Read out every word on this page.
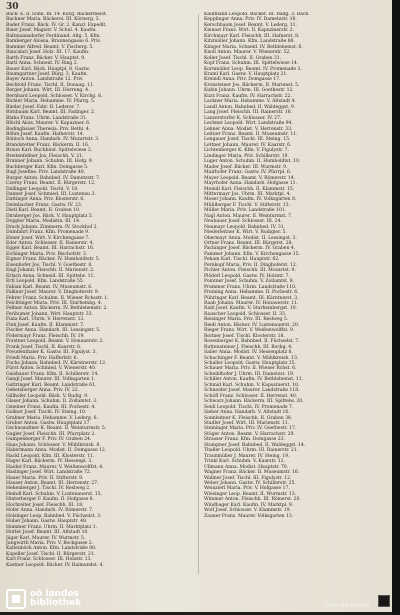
30
Bäck- E. d. Sohn. Bl. 14. Kuvg. Bäckermeist.
Bachner Maria. Bäckerei. III. Körnerg. 3.
Bader Franz. Bäck. IV. Gr. 2. Kanzl. Expedit.
Baier Josef. Magistr. V. Schul. 4. Kaufm.
Baltmannsdorfer Ferdinand. Altg. 5. Kfm.
Bamberger Aloisia. Brunnengasse 6. Priv.
Bammer Alfred. Beamt. V. Fischerg. 5.
Bancalari Josef. Holz. III. 17. Kaufm.
Barth Franz. Bäcker. V. Hauptst. 9.
Bartl Anna. Schneid. IV. Ring 2.
Bauer Karl. Bäck. Hauptpl. 8. Gastw.
Baumgartner Josef. Bürg. 3. Kaufm.
Bayer Anton. Landstraße 12. Priv.
Bechtold Franz. Tischl. II. Donaug. 11.
Berger Johann. Wirt. III. Herreng. 4.
Bernhard Leopold. Schlosser. V. Kirchg. 8.
Bichler Maria. Hebamme. IV. Pfarrg. 5.
Binder Josef. Fabr. II. Lederer. 7.
Birnbaum Karl. Beamt. III. Fadinger. 2.
Blaha Franz. Uhrm. Landstraße 31.
Blöchl Alois. Maurer. V. Kapuziner. 6.
Bodingbauer Theresia. Priv. Bethl. 4.
Böhm Josef. Kaufm. Hafnerstr. 14.
Bönisch Anna. Handarb. IV. Mozartstr. 3.
Brandstetter Franz. Bäckerm. II. 16.
Braun Karl. Buchbind. Spittelwiese 2.
Breitenfellner Jos. Fleischh. V. 21.
Brunner Johann. Schuhm. III. Hofg. 9.
Buchberger Karl. Kfm. Domgasse 5.
Bugl Josefine. Priv. Landstraße 40.
Burger Anton. Bahnbed. IV. Dametzstr. 7.
Czerny Franz. Beamt. II. Bürgerstr. 12.
Dallinger Leopold. Tischl. V. 18.
Danner Josef. Schmied. III. Lustenau 3.
Dattinger Anna. Priv. Klosterstr. 6.
Deimbacher Franz. Gastw. IV. 23.
Dietl Karl. Beamt. II. Graben 10.
Dirnberger Jos. Bäck. V. Hauptplatz 5.
Doppler Maria. Modistin. III. 14.
Drack Johann. Zimmerm. IV. Stockhof 2.
Dumfahrt Franz. Kfm. Promenade 9.
Ebner Josef. Wirt. V. Kirchengasse 7.
Eder Anton. Schlosser. II. Rainerstr. 4.
Egger Karl. Beamt. III. Harrachstr. 16.
Eichinger Maria. Priv. Bischofstr. 3.
Eigner Franz. Bäcker. IV. Humboldtstr. 5.
Eisenhofer Jos. Tischl. V. Goethestr. 8.
Engl Johann. Fleischh. II. Marienstr. 2.
Erlach Anna. Schneid. III. Spittelw. 11.
Ertl Leopold. Kfm. Landstraße 55.
Fabian Karl. Beamt. IV. Museumstr. 6.
Falkner Josef. Maurer. V. Dinghoferstr. 9.
Fehrer Franz. Schuhm. II. Wiener Rchsstr. 1.
Feichtinger Maria. Priv. III. Starhembg. 4.
Fellner Anton. Bäckerm. IV. Bethlehemstr. 2.
Ferihumer Johann. Wirt. Hauptstr. 33.
Fiala Karl. Uhrm. V. Herrenstr. 13.
Fink Josef. Kaufm. II. Klammstr. 7.
Fischer Anna. Handarb. III. Lessingstr. 5.
Födermayr Franz. Fleischh. IV. 19.
Forstner Leopold. Beamt. V. Honauerstr. 2.
Frank Josef. Tischl. II. Kaarstr. 8.
Freudenthaler K. Gastw. III. Figulyst. 3.
Friedl Maria. Priv. Hafferlstr. 6.
Fuchs Johann. Bahnbed. IV. Kärntnerstr. 12.
Fürst Anton. Schmied. V. Wienerstr. 40.
Gaisbauer Franz. Kfm. II. Schillerstr. 14.
Gangl Josef. Maurer. III. Volksgarten 1.
Gattringer Karl. Beamt. Landstraße 61.
Gebetsberger Anna. Priv. IV. 22.
Gillhofer Leopold. Bäck. V. Rudig. 9.
Glaser Johann. Schuhm. II. Zollamtst. 3.
Gmeiner Franz. Kaufm. III. Pochestr. 4.
Gollner Josef. Tischl. IV. Steing. 10.
Grabner Maria. Hebamme. V. Lederg. 6.
Gruber Anton. Gastw. Hauptplatz 17.
Gschwandtner K. Beamt. II. Weinturmstr. 5.
Gugler Josef. Fleischh. III. Pfarrplatz 2.
Gumpenberger F. Priv. IV. Graben 24.
Haas Johann. Schlosser. V. Mühlkreisb. 8.
Habermann Anna. Modist. II. Domgasse 12.
Hackl Leopold. Kfm. III. Klosterstr. 11.
Hager Karl. Bäckerm. IV. Hessenpl. 3.
Haider Franz. Maurer. V. Weißenwolffst. 4.
Haslinger Josef. Wirt. Landstraße 72.
Hauer Maria. Priv. II. Stifterstr. 9.
Hauser Anton. Beamt. III. Herrenstr. 27.
Hehenberger J. Tischl. IV. Reslweg 2.
Heindl Karl. Schuhm. V. Lustenauerst. 15.
Hinterberger F. Kaufm. II. Hofgasse 6.
Hochreiter Josef. Fleischh. III. 18.
Hofer Anna. Handarb. IV. Römerstr. 7.
Holzinger Leop. Bahnbed. V. Füchselst. 3.
Huber Johann. Gastw. Hauptstr. 48.
Hummer Franz. Uhrm. II. Marktplatz 1.
Hutter Josef. Beamt. III. Altstadt 10.
Jäger Karl. Maurer. IV. Wurmstr. 5.
Jungwirth Maria. Priv. V. Bockgasse 2.
Kaltenböck Anton. Kfm. Landstraße 80.
Kapeller Josef. Tischl. II. Bürgerstr. 21.
Karl Franz. Schlosser. III. Holzstr. 13.
Kastner Leopold. Bäcker. IV. Raimundst. 4.
Kaufmann Leopold. Bäcker. III. Badg. 3. Bäck.
Kepplinger Anna. Priv. IV. Dametzstr. 16.
Kerschbaum Josef. Beamt. V. Lederg. 11.
Kienast Franz. Wirt. II. Kapuzinerstr. 2.
Kirchmayr Karl. Fleischh. III. Hafnerst. 8.
Kitzmüller Johann. Kfm. Landstraße 88.
Klinger Maria. Schneid. IV. Bethlehemst. 6.
Knoll Anton. Maurer. V. Wienerstr. 52.
Koller Josef. Tischl. II. Graben 31.
Kopf Franz. Schuhm. III. Spittelwiese 14.
Kornmüller Leop. Beamt. IV. Promenade 3.
Kraml Karl. Gastw. V. Hauptplatz 21.
Kreindl Anna. Priv. Domgasse 17.
Kronsteiner Jos. Bäckerm. II. Marienst. 5.
Kubin Johann. Uhrm. III. Goethestr. 12.
Kurz Franz. Kaufm. IV. Harrachstr. 22.
Lackner Maria. Hebamme. V. Altstadt 4.
Landl Anton. Bahnbed. II. Waldeggst. 9.
Lang Josef. Fleischh. III. Rainerstr. 16.
Lanzerstorfer K. Schlosser. IV. 27.
Lechner Leopold. Wirt. Landstraße 94.
Lehner Anna. Modist. V. Herrenstr. 33.
Leitner Franz. Beamt. II. Museumstr. 11.
Lengauer Josef. Tischl. III. Steing. 15.
Lettner Johann. Maurer. IV. Kaarstr. 6.
Lichtenberger K. Kfm. V. Figulystr. 7.
Lindinger Maria. Priv. Schillerstr. 19.
Luger Anton. Schuhm. II. Humboldtst. 10.
Mader Josef. Bäcker. III. Wurmstr. 9.
Mairhofer Franz. Gastw. IV. Pfarrpl. 6.
Mayer Leopold. Beamt. V. Römerstr. 14.
Mayrhofer Anna. Handarb. Hofgasse 11.
Meindl Karl. Fleischh. II. Klammstr. 15.
Mittermayr Jos. Uhrm. III. Marktpl. 4.
Moser Johann. Kaufm. IV. Volksgarten 8.
Mühlberger F. Tischl. V. Stifterstr. 13.
Müller Maria. Priv. Landstraße 101.
Nagl Anton. Maurer. II. Weinturmst. 7.
Neubauer Josef. Schlosser. III. 24.
Neumayr Leopold. Bahnbed. IV. 31.
Niederleitner K. Wirt. V. Rudigier. 5.
Obermayr Anna. Modist. II. Lessingst. 3.
Ortner Franz. Beamt. III. Bürgerst. 28.
Pachinger Josef. Bäckerm. IV. Graben 4.
Pammer Johann. Kfm. V. Kirchengasse 15.
Peham Karl. Tischl. Hauptstr. 62.
Pernkopf Maria. Priv. II. Dinghoferst. 12.
Pichler Anton. Fleischh. III. Mozartst. 9.
Plöderl Leopold. Gastw. IV. Holzstr. 7.
Pointner Josef. Schuhm. V. Zollamtst. 8.
Prammer Franz. Uhrm. Landstraße 110.
Preining Anna. Hebamme. II. Pochestr. 6.
Pühringer Karl. Beamt. III. Kärntnerst. 3.
Raab Johann. Maurer. IV. Honauerstr. 11.
Rabl Josef. Kaufm. V. Starhembergst. 10.
Rauscher Leopold. Schlosser. II. 33.
Reisinger Maria. Priv. III. Reslweg 5.
Riedl Anton. Bäcker. IV. Lustenauerst. 20.
Rieger Franz. Wirt. V. Weißenwolffst. 9.
Roitner Josef. Tischl. Klosterstr. 18.
Rosenberger K. Bahnbed. II. Füchselst. 7.
Ruttensteiner J. Fleischh. III. Bockg. 4.
Sailer Anna. Modist. IV. Hessenplatz 8.
Schachinger F. Beamt. V. Mühlkreisb. 13.
Schaller Leopold. Gastw. Hauptplatz 25.
Schauer Maria. Priv. II. Wiener Rchst. 6.
Scheiblhofer J. Uhrm. III. Dametzst. 19.
Schiller Anton. Kaufm. IV. Bethlehemst. 11.
Schmid Karl. Schuhm. V. Kapuzinerst. 10.
Schneider Josef. Maurer. Landstraße 118.
Schöfl Franz. Schlosser. II. Herrenst. 40.
Schwarz Johann. Bäckerm. III. Spittelw. 20.
Seidl Leopold. Tischl. IV. Promenade 7.
Sieber Anna. Handarb. V. Altstadt 16.
Sonnleitner K. Fleischh. II. Graben 38.
Stadler Josef. Wirt. III. Marienstr. 11.
Steininger Maria. Priv. IV. Goethestr. 17.
Stöger Anton. Beamt. V. Harrachstr. 29.
Strasser Franz. Kfm. Domgasse 23.
Stumpner Josef. Bahnbed. II. Waldeggst. 14.
Thaller Leopold. Uhrm. III. Rainerstr. 21.
Traunmüller J. Maurer. IV. Steing. 19.
Trinkl Karl. Schuhm. V. Kaarstr. 12.
Ullmann Anna. Modist. Hauptstr. 70.
Wagner Franz. Bäcker. II. Museumstr. 16.
Wallner Josef. Tischl. III. Figulystr. 12.
Weber Johann. Gastw. IV. Schillerstr. 25.
Weinzierl Maria. Priv. V. Hofgasse 17.
Wiesinger Leop. Beamt. II. Wurmstr. 13.
Wimmer Anton. Fleischh. III. Römerst. 20.
Windhager Karl. Kaufm. IV. Marktpl. 9.
Wolf Josef. Schlosser. V. Klammstr. 19.
Zauner Franz. Maurer. Volksgarten 13.
oö landes
bibliothek	inlianda viewer
